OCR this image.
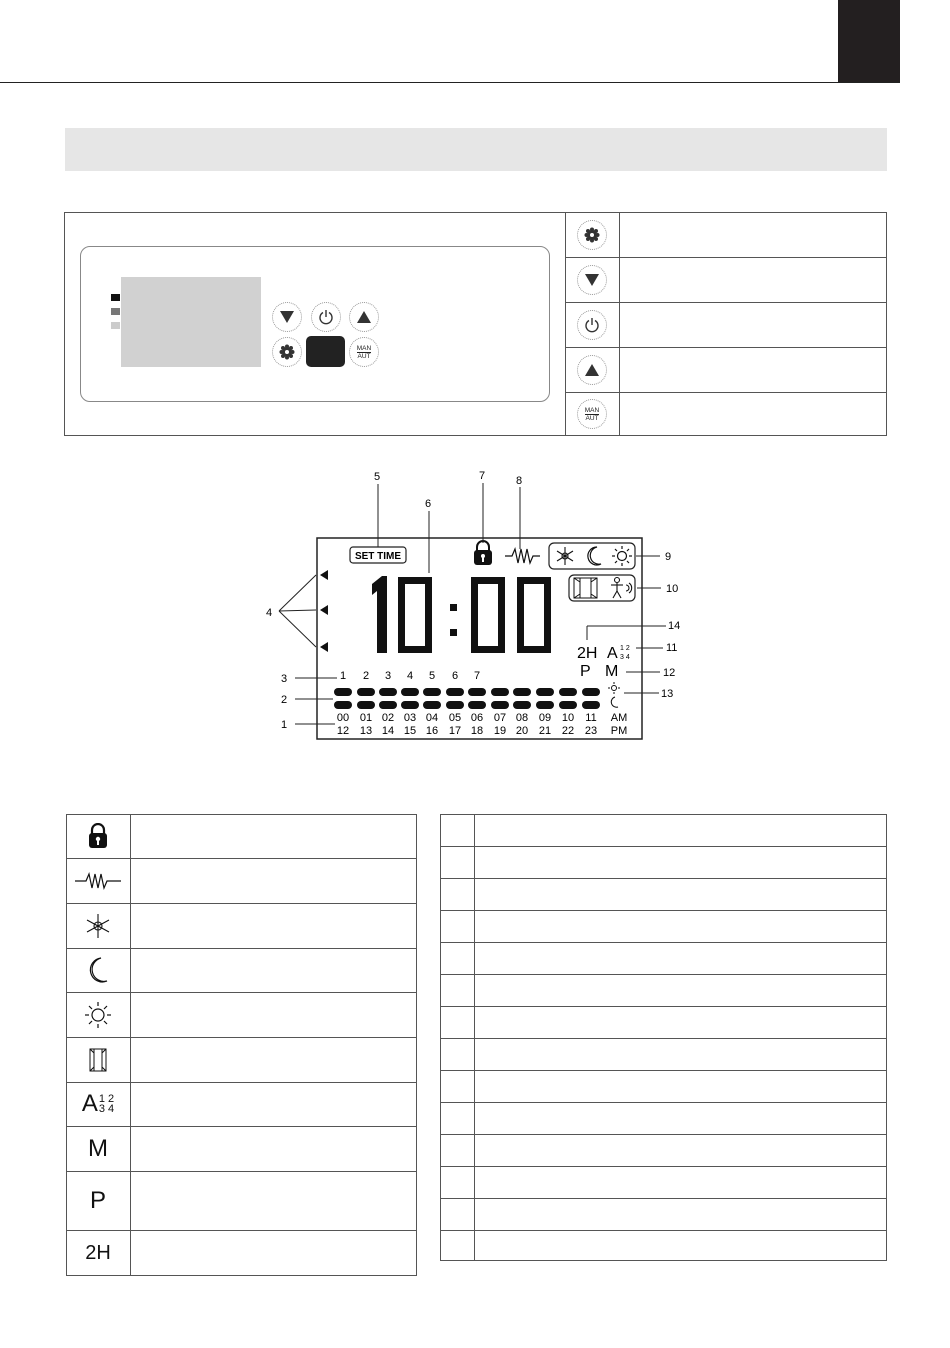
MAN
AUT
MAN
AUT
SET TIME
2H A 1 2
3 4
P M
1 2 3 4 5 6 7
00 01 02 03 04 05 06 07 08 09 10 11
12 13 14 15 16 17 18 19 20 21 22 23
AM
PM
1
2
3
4
5
6
7	8
9
10
11
12
13
14
A 1 2
3 4
M
P
2H
